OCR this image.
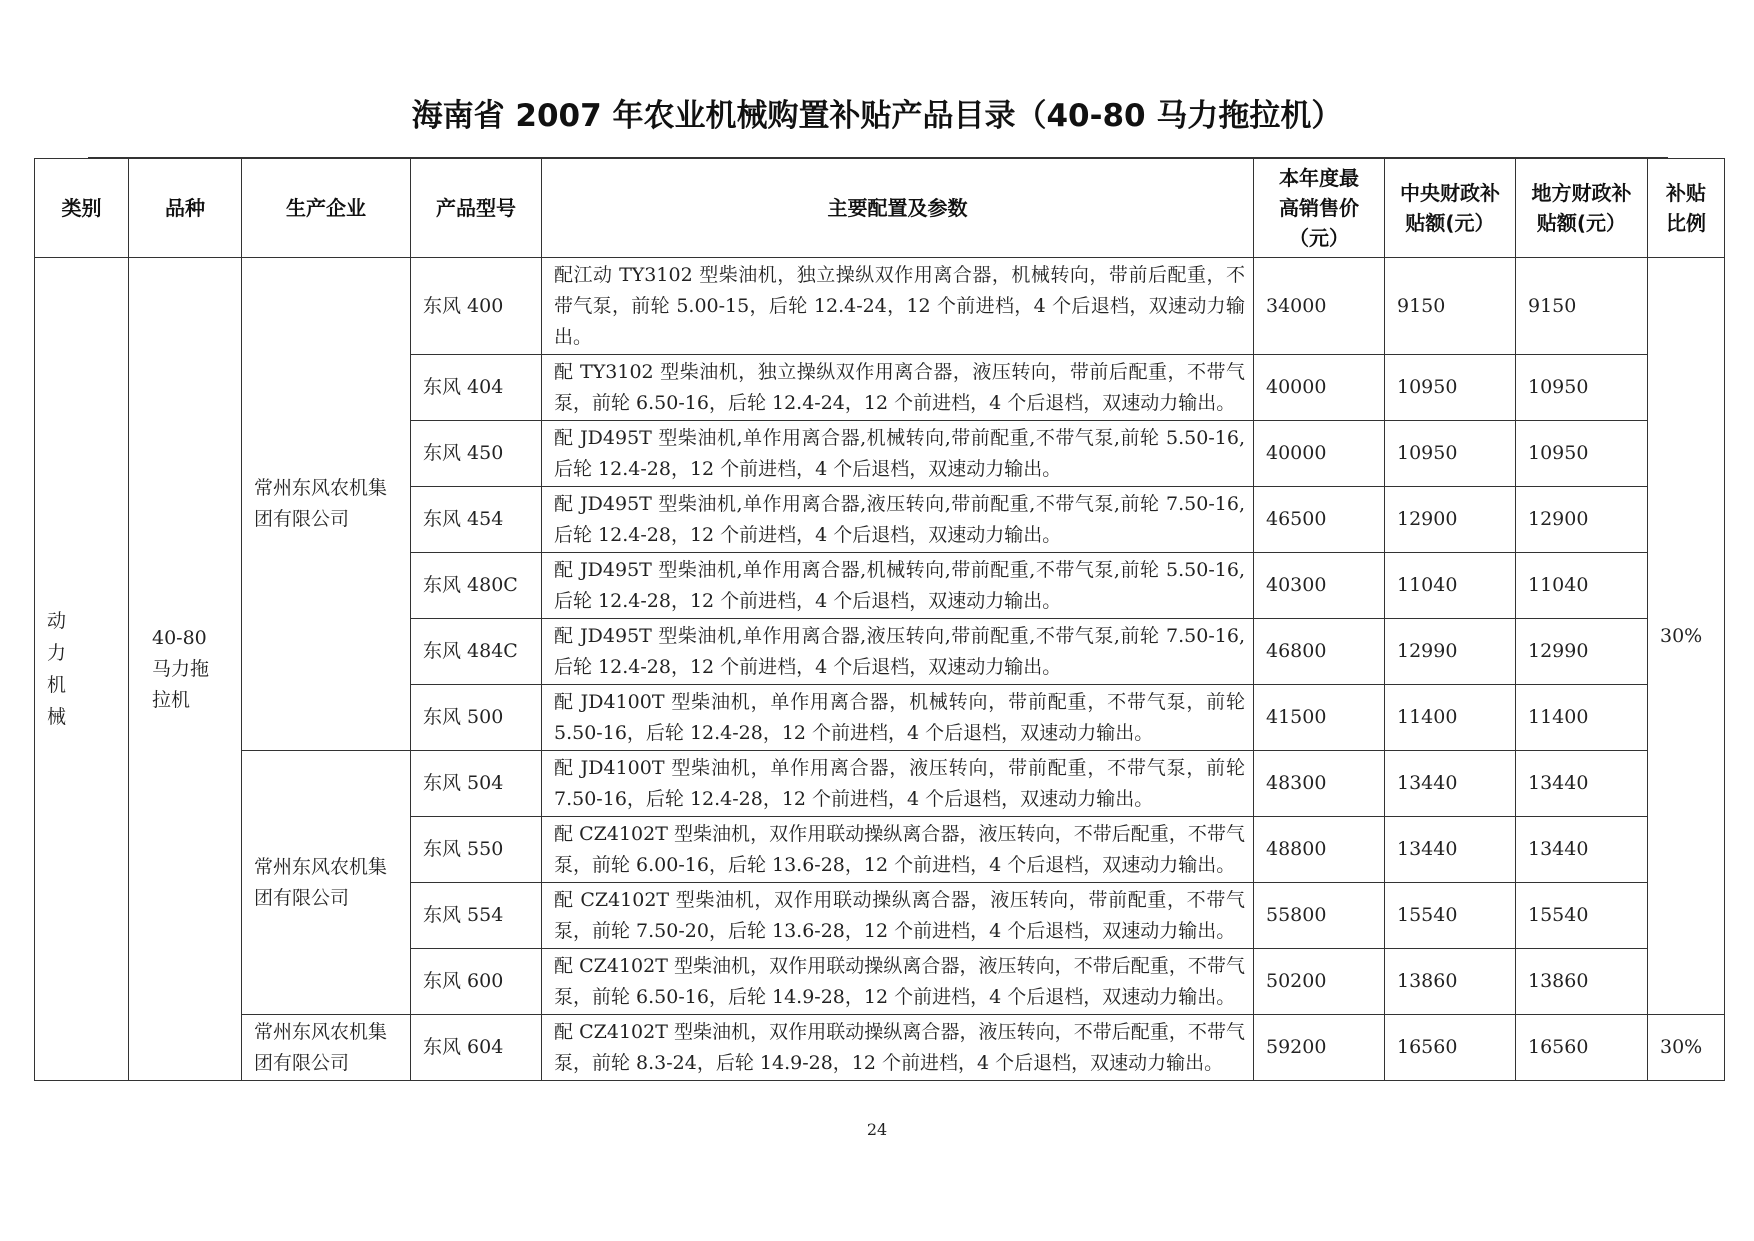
海南省 2007 年农业机械购置补贴产品目录（40-80 马力拖拉机）
类别	品种	生产企业	产品型号	主要配置及参数	本年度最高销售价（元）	中央财政补贴额(元）	地方财政补贴额(元）	补贴比例

动力机械	40-80 马力拖拉机	常州东风农机集团有限公司	东风 400	配江动 TY3102 型柴油机，独立操纵双作用离合器，机械转向，带前后配重，不带气泵，前轮 5.00-15，后轮 12.4-24，12 个前进档，4 个后退档，双速动力输出。	34000	9150	9150	30%
			东风 404	配 TY3102 型柴油机，独立操纵双作用离合器，液压转向，带前后配重，不带气泵，前轮 6.50-16，后轮 12.4-24，12 个前进档，4 个后退档，双速动力输出。	40000	10950	10950	
			东风 450	配 JD495T 型柴油机,单作用离合器,机械转向,带前配重,不带气泵,前轮 5.50-16,后轮 12.4-28，12 个前进档，4 个后退档，双速动力输出。	40000	10950	10950	
			东风 454	配 JD495T 型柴油机,单作用离合器,液压转向,带前配重,不带气泵,前轮 7.50-16,后轮 12.4-28，12 个前进档，4 个后退档，双速动力输出。	46500	12900	12900	
			东风 480C	配 JD495T 型柴油机,单作用离合器,机械转向,带前配重,不带气泵,前轮 5.50-16,后轮 12.4-28，12 个前进档，4 个后退档，双速动力输出。	40300	11040	11040	
			东风 484C	配 JD495T 型柴油机,单作用离合器,液压转向,带前配重,不带气泵,前轮 7.50-16,后轮 12.4-28，12 个前进档，4 个后退档，双速动力输出。	46800	12990	12990	
			东风 500	配 JD4100T 型柴油机，单作用离合器，机械转向，带前配重，不带气泵，前轮 5.50-16，后轮 12.4-28，12 个前进档，4 个后退档，双速动力输出。	41500	11400	11400	
		常州东风农机集团有限公司	东风 504	配 JD4100T 型柴油机，单作用离合器，液压转向，带前配重，不带气泵，前轮 7.50-16，后轮 12.4-28，12 个前进档，4 个后退档，双速动力输出。	48300	13440	13440	
			东风 550	配 CZ4102T 型柴油机，双作用联动操纵离合器，液压转向，不带后配重，不带气泵，前轮 6.00-16，后轮 13.6-28，12 个前进档，4 个后退档，双速动力输出。	48800	13440	13440	
			东风 554	配 CZ4102T 型柴油机，双作用联动操纵离合器，液压转向，带前配重，不带气泵，前轮 7.50-20，后轮 13.6-28，12 个前进档，4 个后退档，双速动力输出。	55800	15540	15540	
			东风 600	配 CZ4102T 型柴油机，双作用联动操纵离合器，液压转向，不带后配重，不带气泵，前轮 6.50-16，后轮 14.9-28，12 个前进档，4 个后退档，双速动力输出。	50200	13860	13860	
		常州东风农机集团有限公司	东风 604	配 CZ4102T 型柴油机，双作用联动操纵离合器，液压转向，不带后配重，不带气泵，前轮 8.3-24，后轮 14.9-28，12 个前进档，4 个后退档，双速动力输出。	59200	16560	16560	30%
24
